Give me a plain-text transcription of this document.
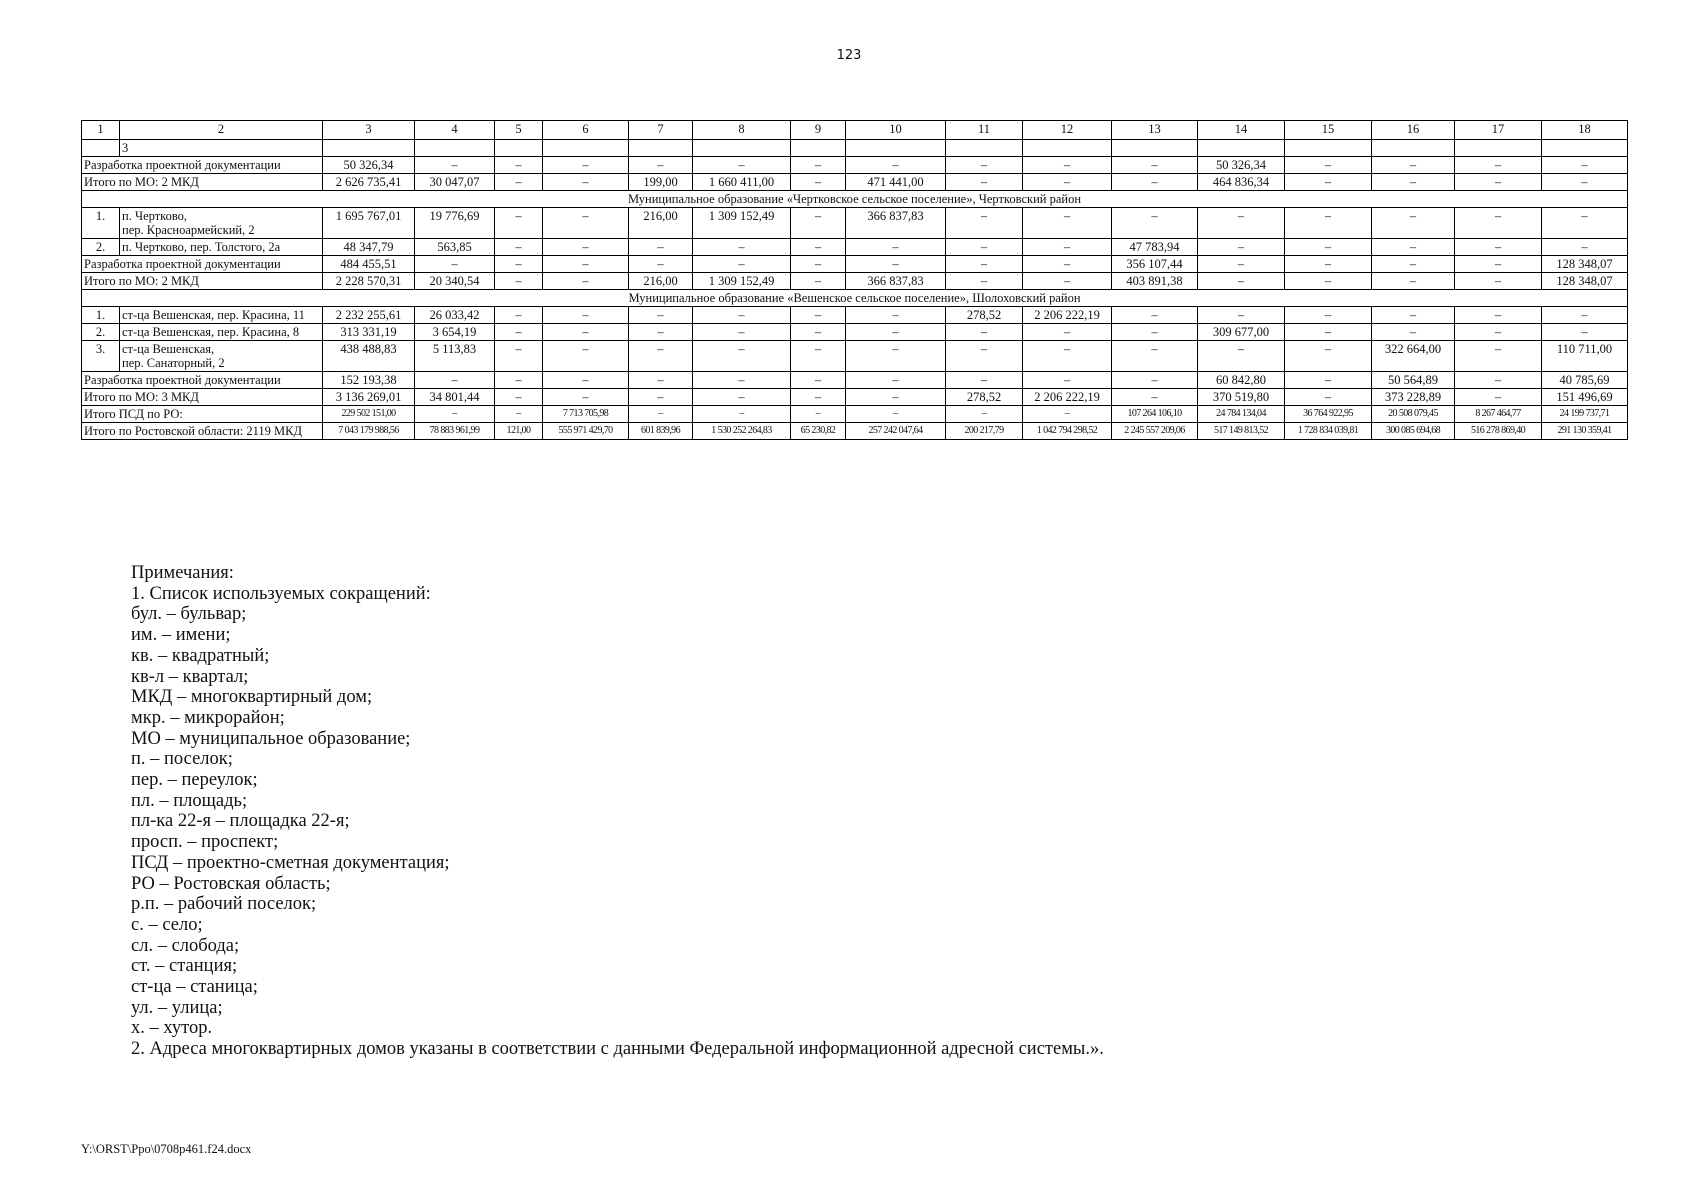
123
1	2	3	4	5	6	7	8	9	10	11	12	13	14	15	16	17	18
	3																
Разработка проектной документации		50 326,34	–	–	–	–	–	–	–	–	–	–	50 326,34	–	–	–	–
Итого по МО: 2 МКД		2 626 735,41	30 047,07	–	–	199,00	1 660 411,00	–	471 441,00	–	–	–	464 836,34	–	–	–	–
Муниципальное образование «Чертковское сельское поселение», Чертковский район																	
1.	п. Чертково,
пер. Красноармейский, 2	1 695 767,01	19 776,69	–	–	216,00	1 309 152,49	–	366 837,83	–	–	–	–	–	–	–	–
2.	п. Чертково, пер. Толстого, 2а	48 347,79	563,85	–	–	–	–	–	–	–	–	47 783,94	–	–	–	–	–
Разработка проектной документации		484 455,51	–	–	–	–	–	–	–	–	–	356 107,44	–	–	–	–	128 348,07
Итого по МО: 2 МКД		2 228 570,31	20 340,54	–	–	216,00	1 309 152,49	–	366 837,83	–	–	403 891,38	–	–	–	–	128 348,07
Муниципальное образование «Вешенское сельское поселение», Шолоховский район																	
1.	ст-ца Вешенская, пер. Красина, 11	2 232 255,61	26 033,42	–	–	–	–	–	–	278,52	2 206 222,19	–	–	–	–	–	–
2.	ст-ца Вешенская, пер. Красина, 8	313 331,19	3 654,19	–	–	–	–	–	–	–	–	–	309 677,00	–	–	–	–
3.	ст-ца Вешенская,
пер. Санаторный, 2	438 488,83	5 113,83	–	–	–	–	–	–	–	–	–	–	–	322 664,00	–	110 711,00
Разработка проектной документации		152 193,38	–	–	–	–	–	–	–	–	–	–	60 842,80	–	50 564,89	–	40 785,69
Итого по МО: 3 МКД		3 136 269,01	34 801,44	–	–	–	–	–	–	278,52	2 206 222,19	–	370 519,80	–	373 228,89	–	151 496,69
Итого ПСД по РО:		229 502 151,00	–	–	7 713 705,98	–	–	–	–	–	–	107 264 106,10	24 784 134,04	36 764 922,95	20 508 079,45	8 267 464,77	24 199 737,71
Итого по Ростовской области: 2119 МКД		7 043 179 988,56	78 883 961,99	121,00	555 971 429,70	601 839,96	1 530 252 264,83	65 230,82	257 242 047,64	200 217,79	1 042 794 298,52	2 245 557 209,06	517 149 813,52	1 728 834 039,81	300 085 694,68	516 278 869,40	291 130 359,41
Примечания:
1. Список используемых сокращений:
бул. – бульвар;
им. – имени;
кв. – квадратный;
кв-л – квартал;
МКД – многоквартирный дом;
мкр. – микрорайон;
МО – муниципальное образование;
п. – поселок;
пер. – переулок;
пл. – площадь;
пл-ка 22-я – площадка 22-я;
просп. – проспект;
ПСД – проектно-сметная документация;
РО – Ростовская область;
р.п. – рабочий поселок;
с. – село;
сл. – слобода;
ст. – станция;
ст-ца – станица;
ул. – улица;
х. – хутор.
2. Адреса многоквартирных домов указаны в соответствии с данными Федеральной информационной адресной системы.».
Y:\ORST\Ppo\0708p461.f24.docx
